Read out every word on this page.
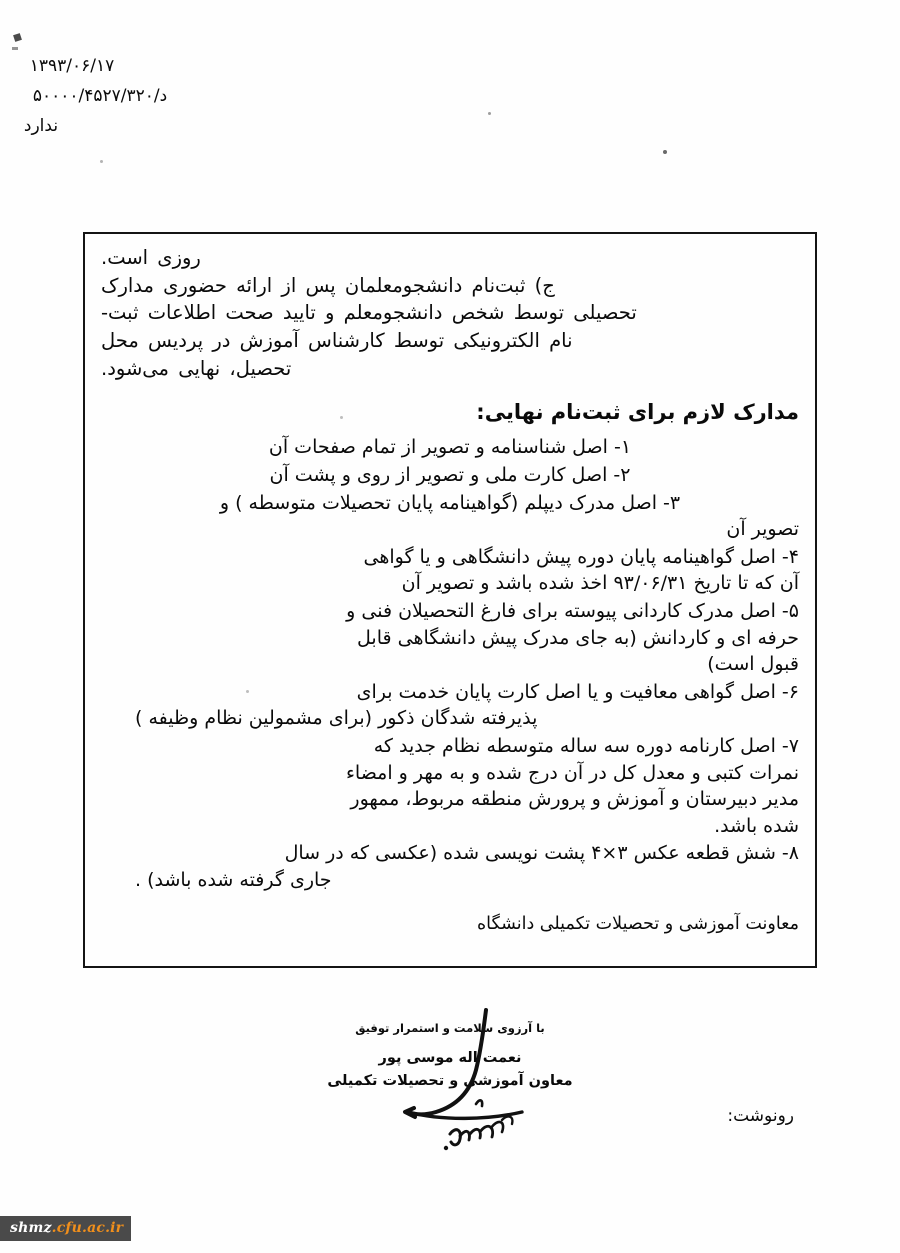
۱۳۹۳/۰۶/۱۷
د/۵۰۰۰۰/۴۵۲۷/۳۲۰
ندارد
روزی است.
ج) ثبت‌نام دانشجومعلمان پس از ارائه حضوری مدارک
تحصیلی توسط شخص دانشجومعلم و تایید صحت اطلاعات ثبت-
نام الکترونیکی توسط کارشناس آموزش در پردیس محل
تحصیل، نهایی می‌شود.
مدارک لازم برای ثبت‌نام نهایی:
۱- اصل شناسنامه و تصویر از تمام صفحات آن
۲- اصل کارت ملی و تصویر از روی و پشت آن
۳- اصل مدرک دیپلم (گواهینامه پایان تحصیلات متوسطه ) و
تصویر آن
۴- اصل گواهینامه پایان دوره پیش دانشگاهی و یا گواهی
آن که تا تاریخ ۹۳/۰۶/۳۱ اخذ شده باشد و تصویر آن
۵- اصل مدرک کاردانی پیوسته برای فارغ التحصیلان فنی و
حرفه ای و کاردانش (به جای مدرک پیش دانشگاهی قابل
قبول است)
۶- اصل گواهی معافیت و یا اصل کارت پایان خدمت برای
پذیرفته شدگان ذکور (برای مشمولین نظام وظیفه )
۷- اصل کارنامه دوره سه ساله متوسطه نظام جدید که
نمرات کتبی و معدل کل در آن درج شده و به مهر و امضاء
مدیر دبیرستان و آموزش و پرورش منطقه مربوط، ممهور
شده باشد.
۸- شش قطعه عکس ۳×۴ پشت نویسی شده (عکسی که در سال
جاری گرفته شده باشد) .
معاونت آموزشی و تحصیلات تکمیلی دانشگاه
با آرزوی سلامت و استمرار توفیق
نعمت اله موسی پور
معاون آموزشی و تحصیلات تکمیلی
رونوشت:
shmz.cfu.ac.ir
